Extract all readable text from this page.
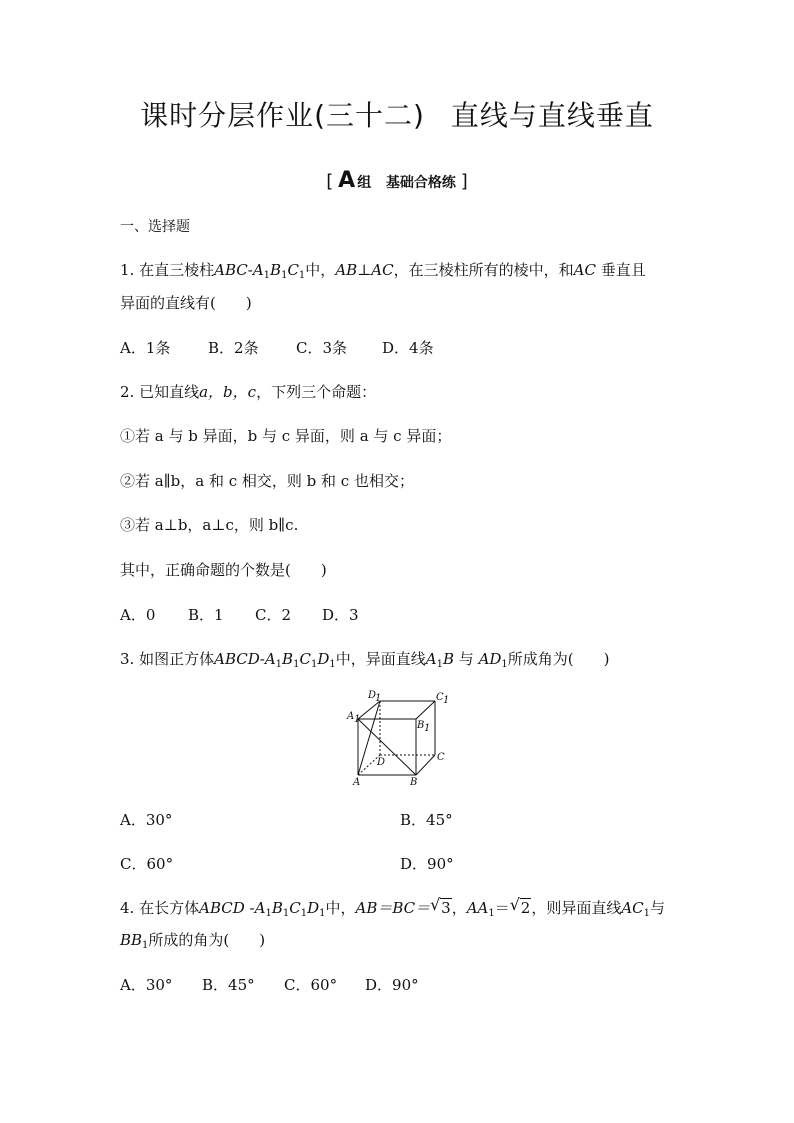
课时分层作业(三十二) 直线与直线垂直
[ A 组 基础合格练 ]
一、选择题
1. 在直三棱柱ABC-$A_1B_1C_1$中，AB⊥AC，在三棱柱所有的棱中，和AC 垂直且
异面的直线有(　　)
A．1条	B．2条 C．3条 D．4条
2. 已知直线a，b，c，下列三个命题：
①若 a 与 b 异面，b 与 c 异面，则 a 与 c 异面；
②若 a∥b，a 和 c 相交，则 b 和 c 也相交；
③若 a⊥b，a⊥c，则 b∥c.
其中，正确命题的个数是(　　)
A．0 B．1 C．2 D．3
3. 如图正方体ABCD-$A_1B_1C_1D_1$中，异面直线$A_1B$ 与 $AD_1$所成角为(　　)
A	B
C
D
A 1
B 1
C 1
D
1
A．30°	B．45°
C．60°	D．90°
4. 在长方体ABCD $-A_1B_1C_1D_1$中，AB＝BC＝ √ 3，$AA_1=$ √ 2，则异面直线$AC_1$与
$BB_1$所成的角为(　　)
A．30° B．45° C．60° D．90°
